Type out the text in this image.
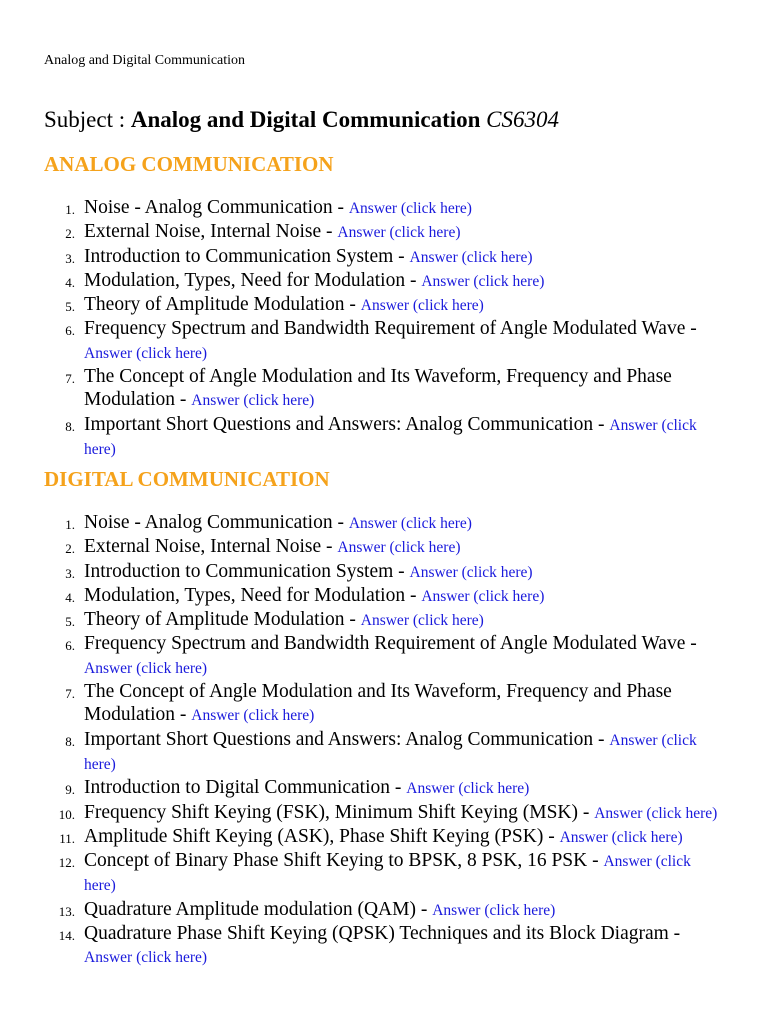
Analog and Digital Communication
Subject : Analog and Digital Communication CS6304
ANALOG COMMUNICATION
1. Noise - Analog Communication - Answer (click here)
2. External Noise, Internal Noise - Answer (click here)
3. Introduction to Communication System - Answer (click here)
4. Modulation, Types, Need for Modulation - Answer (click here)
5. Theory of Amplitude Modulation - Answer (click here)
6. Frequency Spectrum and Bandwidth Requirement of Angle Modulated Wave - Answer (click here)
7. The Concept of Angle Modulation and Its Waveform, Frequency and Phase Modulation - Answer (click here)
8. Important Short Questions and Answers: Analog Communication - Answer (click here)
DIGITAL COMMUNICATION
1. Noise - Analog Communication - Answer (click here)
2. External Noise, Internal Noise - Answer (click here)
3. Introduction to Communication System - Answer (click here)
4. Modulation, Types, Need for Modulation - Answer (click here)
5. Theory of Amplitude Modulation - Answer (click here)
6. Frequency Spectrum and Bandwidth Requirement of Angle Modulated Wave - Answer (click here)
7. The Concept of Angle Modulation and Its Waveform, Frequency and Phase Modulation - Answer (click here)
8. Important Short Questions and Answers: Analog Communication - Answer (click here)
9. Introduction to Digital Communication - Answer (click here)
10. Frequency Shift Keying (FSK), Minimum Shift Keying (MSK) - Answer (click here)
11. Amplitude Shift Keying (ASK), Phase Shift Keying (PSK) - Answer (click here)
12. Concept of Binary Phase Shift Keying to BPSK, 8 PSK, 16 PSK - Answer (click here)
13. Quadrature Amplitude modulation (QAM) - Answer (click here)
14. Quadrature Phase Shift Keying (QPSK) Techniques and its Block Diagram - Answer (click here)
